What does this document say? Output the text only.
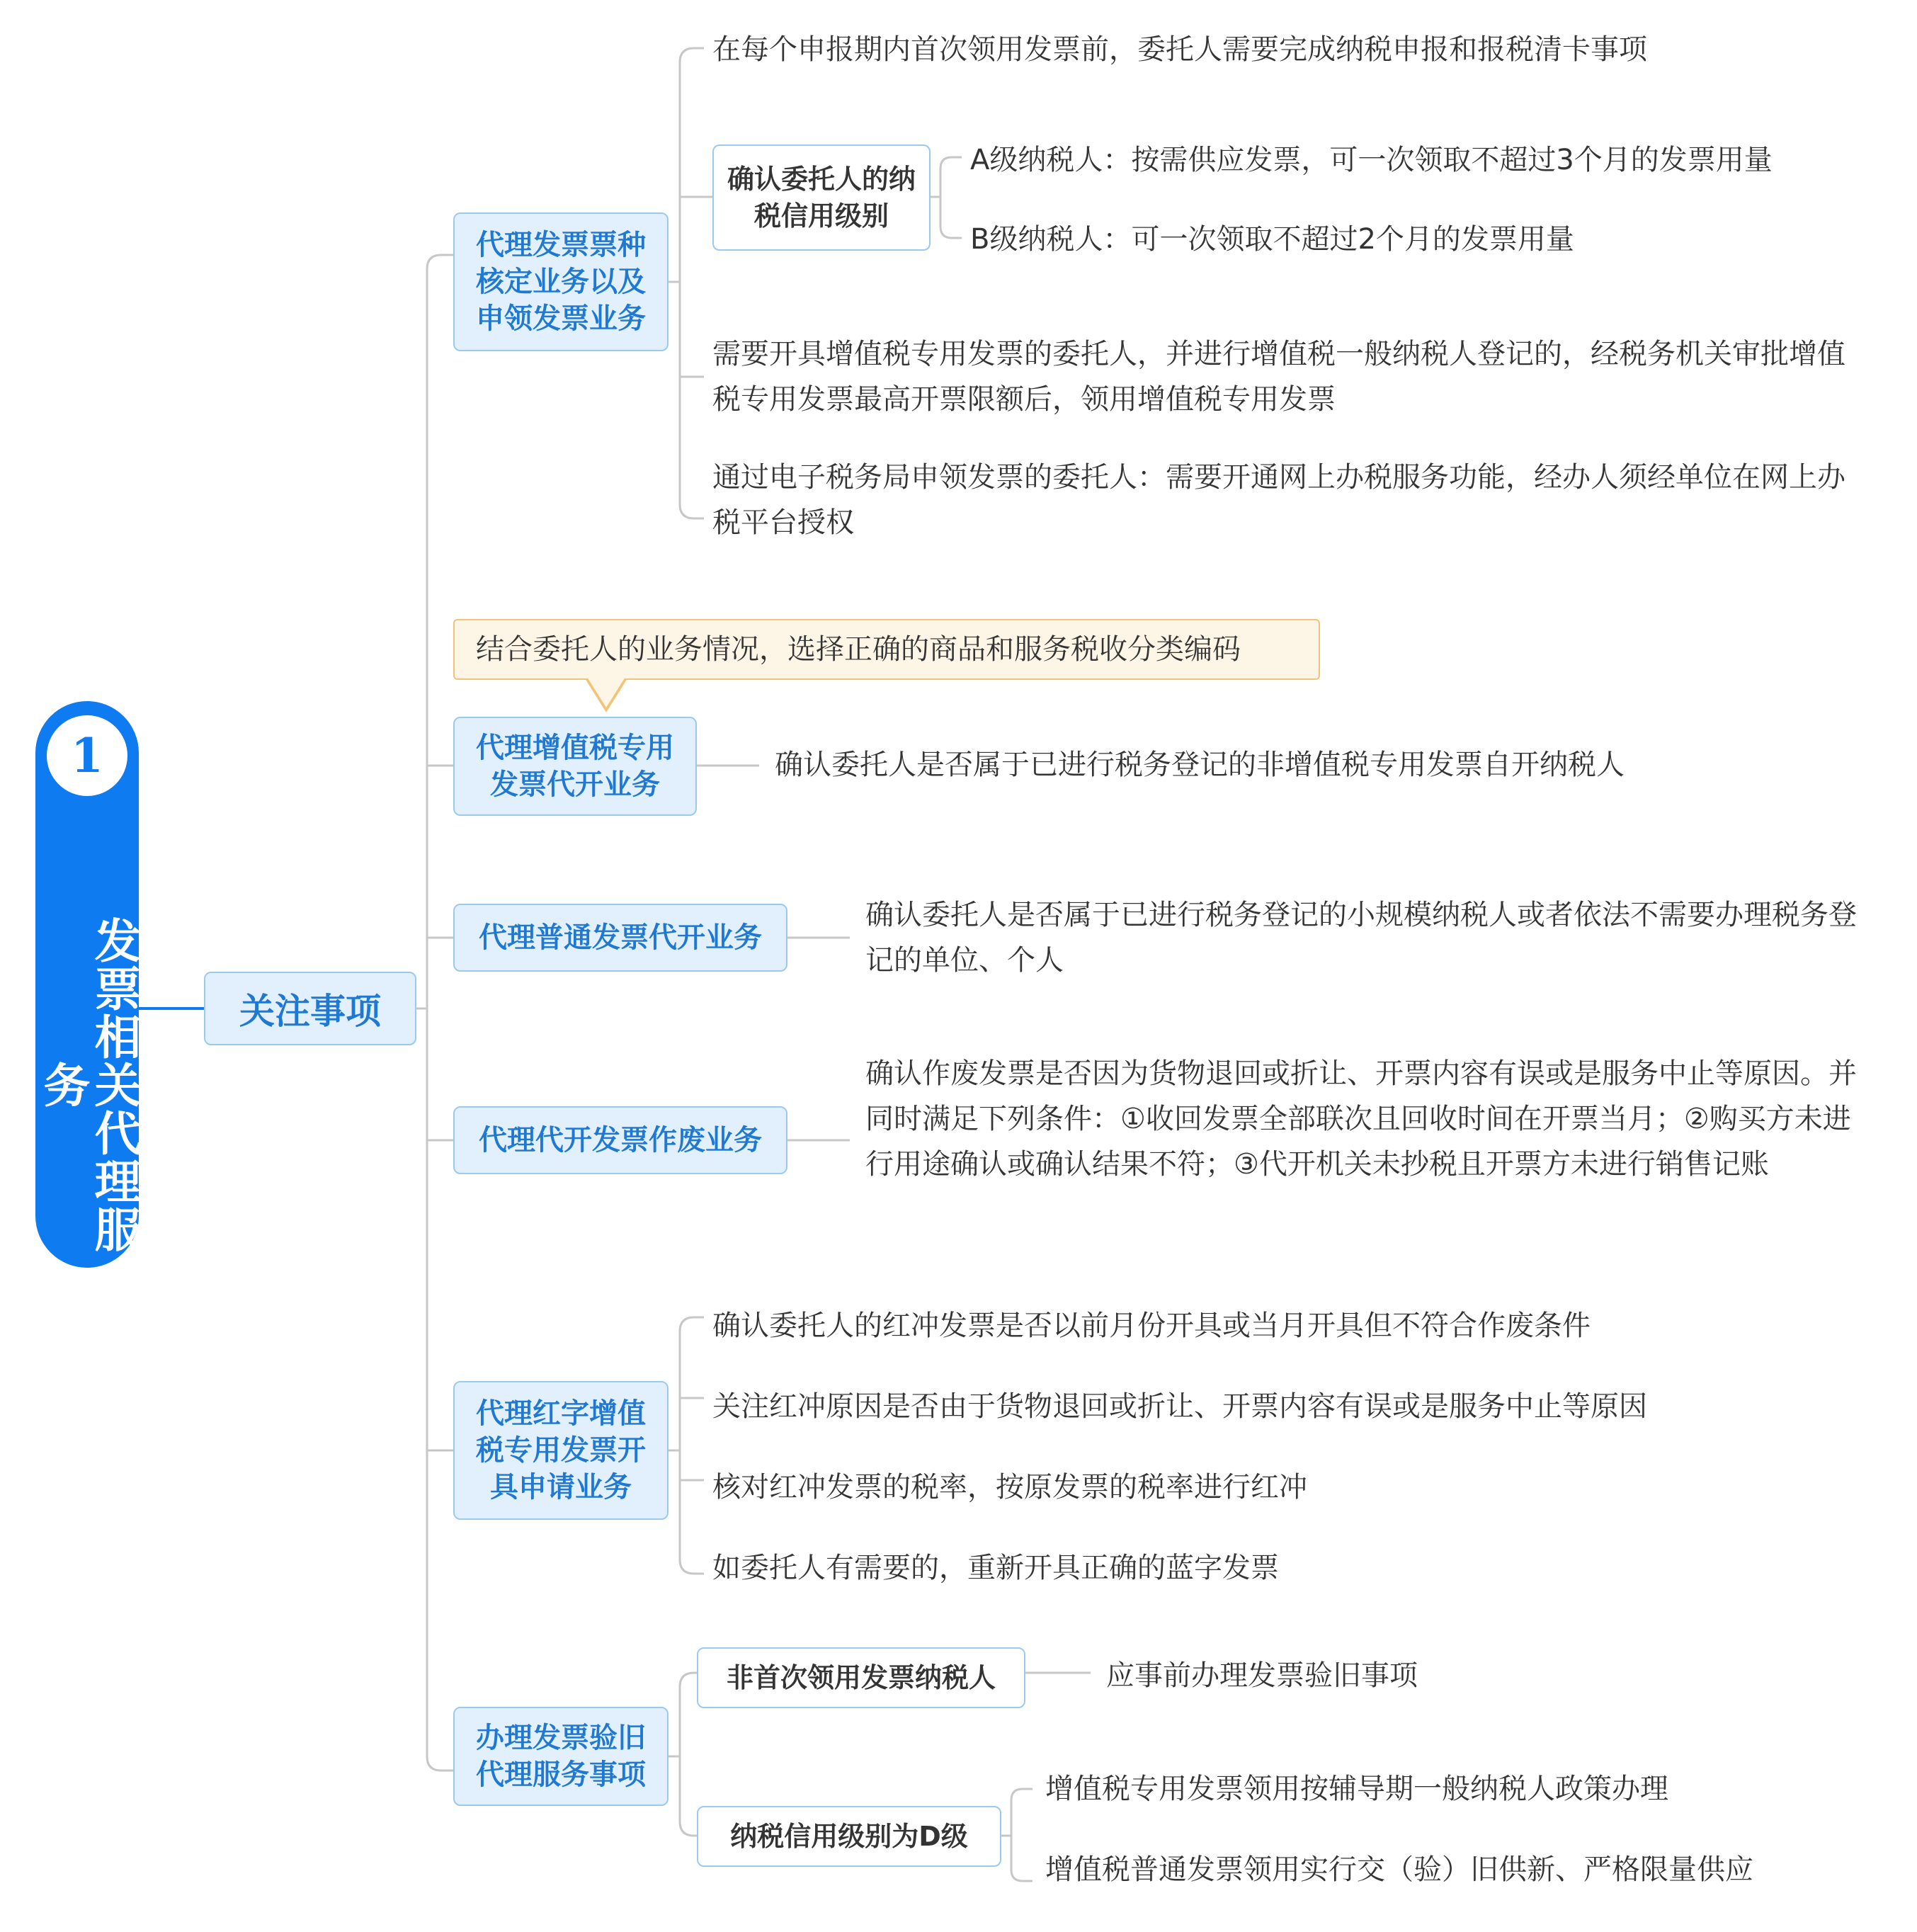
1
发票相关代理服务
关注事项
代理发票票种核定业务以及申领发票业务
在每个申报期内首次领用发票前，委托人需要完成纳税申报和报税清卡事项
确认委托人的纳税信用级别
A级纳税人：按需供应发票，可一次领取不超过3个月的发票用量
B级纳税人：可一次领取不超过2个月的发票用量
需要开具增值税专用发票的委托人，并进行增值税一般纳税人登记的，经税务机关审批增值税专用发票最高开票限额后，领用增值税专用发票
通过电子税务局申领发票的委托人：需要开通网上办税服务功能，经办人须经单位在网上办税平台授权
结合委托人的业务情况，选择正确的商品和服务税收分类编码
代理增值税专用发票代开业务
确认委托人是否属于已进行税务登记的非增值税专用发票自开纳税人
代理普通发票代开业务
确认委托人是否属于已进行税务登记的小规模纳税人或者依法不需要办理税务登记的单位、个人
代理代开发票作废业务
确认作废发票是否因为货物退回或折让、开票内容有误或是服务中止等原因。并同时满足下列条件：①收回发票全部联次且回收时间在开票当月；②购买方未进行用途确认或确认结果不符；③代开机关未抄税且开票方未进行销售记账
代理红字增值税专用发票开具申请业务
确认委托人的红冲发票是否以前月份开具或当月开具但不符合作废条件
关注红冲原因是否由于货物退回或折让、开票内容有误或是服务中止等原因
核对红冲发票的税率，按原发票的税率进行红冲
如委托人有需要的，重新开具正确的蓝字发票
办理发票验旧代理服务事项
非首次领用发票纳税人	应事前办理发票验旧事项
纳税信用级别为D级
增值税专用发票领用按辅导期一般纳税人政策办理
增值税普通发票领用实行交（验）旧供新、严格限量供应
